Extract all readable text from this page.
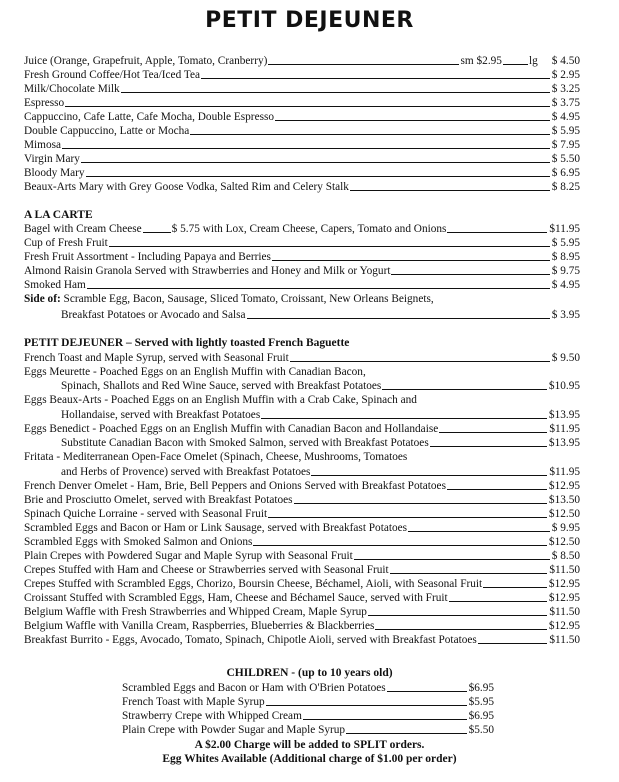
PETIT DEJEUNER
Juice (Orange, Grapefruit, Apple, Tomato, Cranberry)	sm $2.95 lg $ 4.50
Fresh Ground Coffee/Hot Tea/Iced Tea	$ 2.95
Milk/Chocolate Milk	$ 3.25
Espresso	$ 3.75
Cappuccino, Cafe Latte, Cafe Mocha, Double Espresso	$ 4.95
Double Cappuccino, Latte or Mocha	$ 5.95
Mimosa	$ 7.95
Virgin Mary	$ 5.50
Bloody Mary	$ 6.95
Beaux-Arts Mary with Grey Goose Vodka, Salted Rim and Celery Stalk	$ 8.25
A LA CARTE
Bagel with Cream Cheese	$ 5.75 with Lox, Cream Cheese, Capers, Tomato and Onions	$11.95
Cup of Fresh Fruit	$ 5.95
Fresh Fruit Assortment - Including Papaya and Berries	$ 8.95
Almond Raisin Granola Served with Strawberries and Honey and Milk or Yogurt	$ 9.75
Smoked Ham	$ 4.95
Side of: Scramble Egg, Bacon, Sausage, Sliced Tomato, Croissant, New Orleans Beignets,
Breakfast Potatoes or Avocado and Salsa	$ 3.95
PETIT DEJEUNER – Served with lightly toasted French Baguette
French Toast and Maple Syrup, served with Seasonal Fruit	$ 9.50
Eggs Meurette - Poached Eggs on an English Muffin with Canadian Bacon,
Spinach, Shallots and Red Wine Sauce, served with Breakfast Potatoes	$10.95
Eggs Beaux-Arts - Poached Eggs on an English Muffin with a Crab Cake, Spinach and
Hollandaise, served with Breakfast Potatoes	$13.95
Eggs Benedict - Poached Eggs on an English Muffin with Canadian Bacon and Hollandaise	$11.95
Substitute Canadian Bacon with Smoked Salmon, served with Breakfast Potatoes	$13.95
Fritata - Mediterranean Open-Face Omelet (Spinach, Cheese, Mushrooms, Tomatoes
and Herbs of Provence) served with Breakfast Potatoes	$11.95
French Denver Omelet - Ham, Brie, Bell Peppers and Onions Served with Breakfast Potatoes	$12.95
Brie and Prosciutto Omelet, served with Breakfast Potatoes	$13.50
Spinach Quiche Lorraine - served with Seasonal Fruit	$12.50
Scrambled Eggs and Bacon or Ham or Link Sausage, served with Breakfast Potatoes	$ 9.95
Scrambled Eggs with Smoked Salmon and Onions	$12.50
Plain Crepes with Powdered Sugar and Maple Syrup with Seasonal Fruit	$ 8.50
Crepes Stuffed with Ham and Cheese or Strawberries served with Seasonal Fruit	$11.50
Crepes Stuffed with Scrambled Eggs, Chorizo, Boursin Cheese, Béchamel, Aioli, with Seasonal Fruit	$12.95
Croissant Stuffed with Scrambled Eggs, Ham, Cheese and Béchamel Sauce, served with Fruit	$12.95
Belgium Waffle with Fresh Strawberries and Whipped Cream, Maple Syrup	$11.50
Belgium Waffle with Vanilla Cream, Raspberries, Blueberries & Blackberries	$12.95
Breakfast Burrito - Eggs, Avocado, Tomato, Spinach, Chipotle Aioli, served with Breakfast Potatoes	$11.50
CHILDREN - (up to 10 years old)
Scrambled Eggs and Bacon or Ham with O'Brien Potatoes	$6.95
French Toast with Maple Syrup	$5.95
Strawberry Crepe with Whipped Cream	$6.95
Plain Crepe with Powder Sugar and Maple Syrup	$5.50
A $2.00 Charge will be added to SPLIT orders.
Egg Whites Available (Additional charge of $1.00 per order)
